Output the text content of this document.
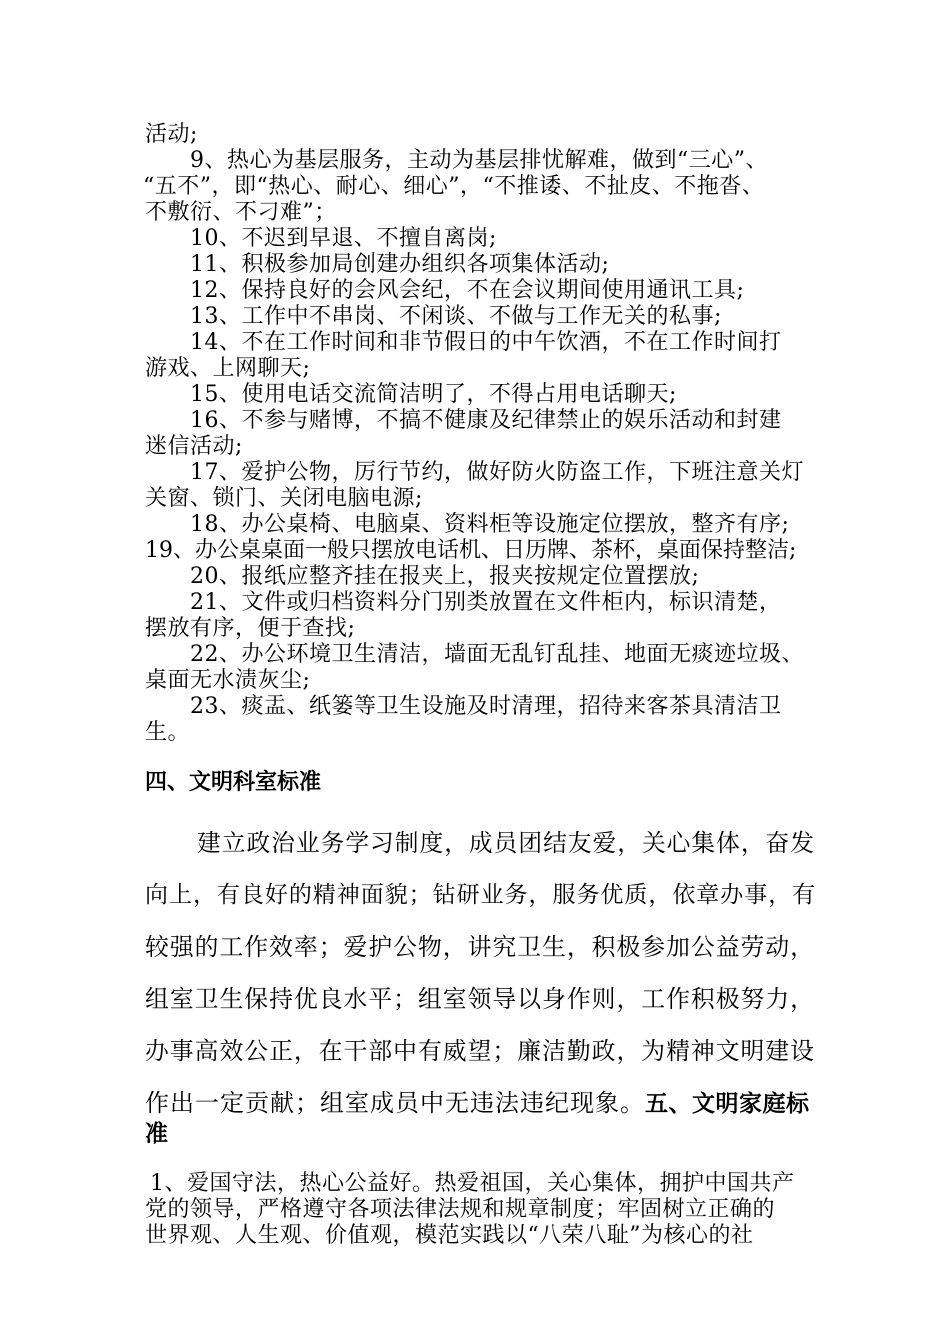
活动;
9、热心为基层服务，主动为基层排忧解难，做到“三心”、
“五不”，即“热心、耐心、细心”，“不推诿、不扯皮、不拖沓、
不敷衍、不刁难”；
10、不迟到早退、不擅自离岗;
11、积极参加局创建办组织各项集体活动;
12、保持良好的会风会纪，不在会议期间使用通讯工具;
13、工作中不串岗、不闲谈、不做与工作无关的私事;
14、不在工作时间和非节假日的中午饮酒，不在工作时间打
游戏、上网聊天;
15、使用电话交流简洁明了，不得占用电话聊天;
16、不参与赌博，不搞不健康及纪律禁止的娱乐活动和封建
迷信活动;
17、爱护公物，厉行节约，做好防火防盗工作，下班注意关灯
关窗、锁门、关闭电脑电源;
18、办公桌椅、电脑桌、资料柜等设施定位摆放，整齐有序;
19、办公桌桌面一般只摆放电话机、日历牌、茶杯，桌面保持整洁;
20、报纸应整齐挂在报夹上，报夹按规定位置摆放;
21、文件或归档资料分门别类放置在文件柜内，标识清楚，
摆放有序，便于查找;
22、办公环境卫生清洁，墙面无乱钉乱挂、地面无痰迹垃圾、
桌面无水渍灰尘;
23、痰盂、纸篓等卫生设施及时清理，招待来客茶具清洁卫
生。
四、文明科室标准
建立政治业务学习制度，成员团结友爱，关心集体，奋发
向上，有良好的精神面貌；钻研业务，服务优质，依章办事，有
较强的工作效率；爱护公物，讲究卫生，积极参加公益劳动，
组室卫生保持优良水平；组室领导以身作则，工作积极努力，
办事高效公正，在干部中有威望；廉洁勤政，为精神文明建设
作出一定贡献；组室成员中无违法违纪现象。五、文明家庭标
准
1、爱国守法，热心公益好。热爱祖国，关心集体，拥护中国共产
党的领导，严格遵守各项法律法规和规章制度；牢固树立正确的
世界观、人生观、价值观，模范实践以“八荣八耻”为核心的社
